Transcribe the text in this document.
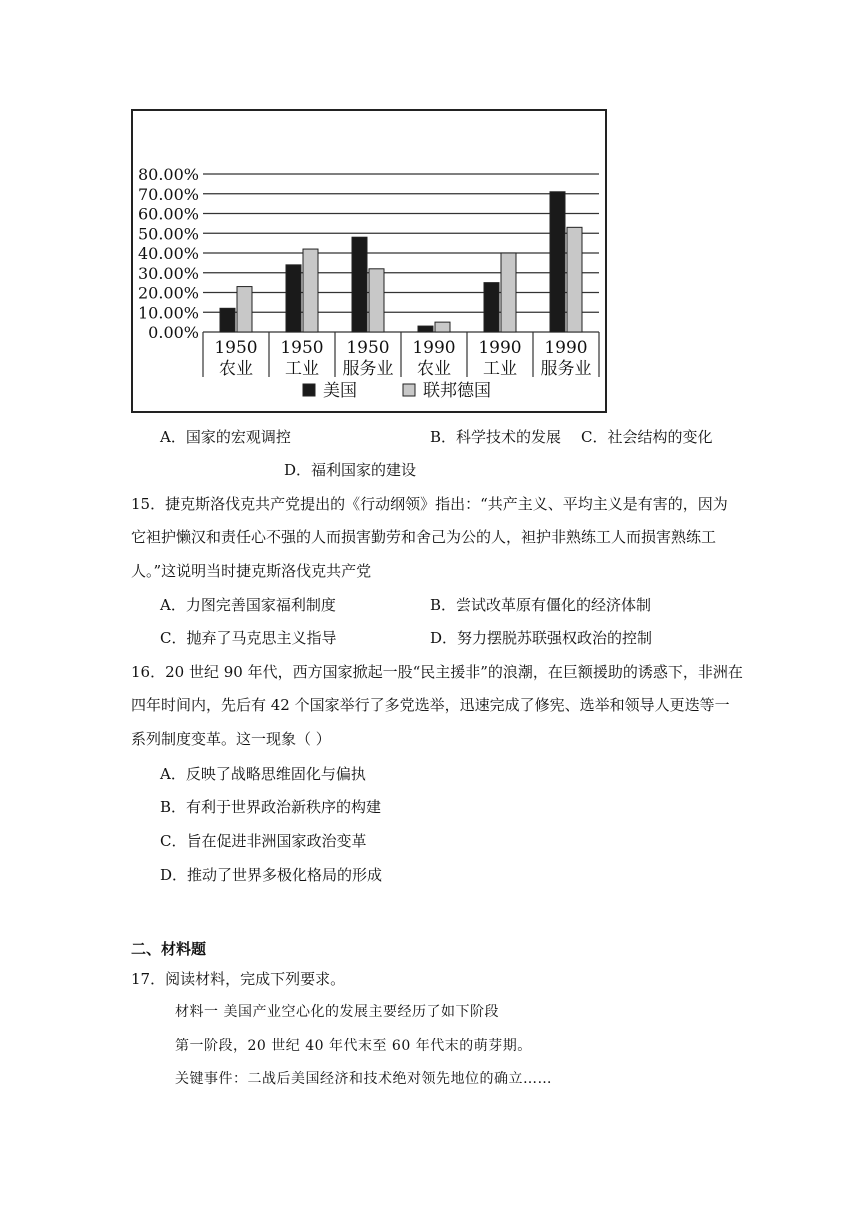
80.00%
70.00%
60.00%
50.00%
40.00%
30.00%
20.00%
10.00%
0.00%
1950
农业
1950
工业
1950
服务业
1990
农业
1990
工业
1990
服务业
美国	联邦德国
A．国家的宏观调控	B．科学技术的发展 C．社会结构的变化
D．福利国家的建设
15．捷克斯洛伐克共产党提出的《行动纲领》指出：“共产主义、平均主义是有害的，因为
它袒护懒汉和责任心不强的人而损害勤劳和舍己为公的人，袒护非熟练工人而损害熟练工
人。”这说明当时捷克斯洛伐克共产党
A．力图完善国家福利制度	B．尝试改革原有僵化的经济体制
C．抛弃了马克思主义指导	D．努力摆脱苏联强权政治的控制
16．20 世纪 90 年代，西方国家掀起一股“民主援非”的浪潮，在巨额援助的诱惑下，非洲在
四年时间内，先后有 42 个国家举行了多党选举，迅速完成了修宪、选举和领导人更迭等一
系列制度变革。这一现象（ ）
A．反映了战略思维固化与偏执
B．有利于世界政治新秩序的构建
C．旨在促进非洲国家政治变革
D．推动了世界多极化格局的形成
二、材料题
17．阅读材料，完成下列要求。
材料一 美国产业空心化的发展主要经历了如下阶段
第一阶段，20 世纪 40 年代末至 60 年代末的萌芽期。
关键事件：二战后美国经济和技术绝对领先地位的确立……
